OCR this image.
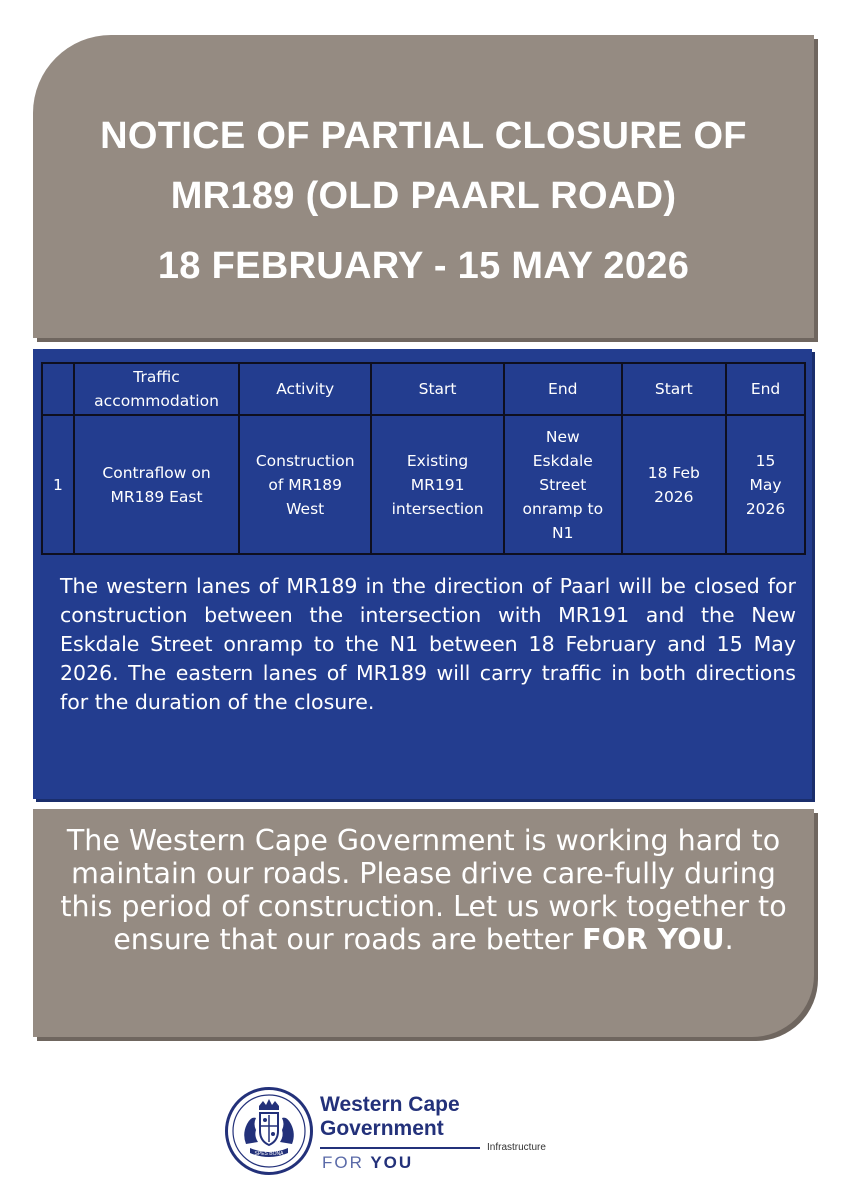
NOTICE OF PARTIAL CLOSURE OF
MR189 (OLD PAARL ROAD)
18 FEBRUARY - 15 MAY 2026
	Traffic accommodation	Activity	Start	End	Start	End
1	Contraflow on MR189 East	Construction of MR189 West	Existing MR191 intersection	New Eskdale Street onramp to N1	18 Feb 2026	15 May 2026
The western lanes of MR189 in the direction of Paarl will be closed for construction between the intersection with MR191 and the New Eskdale Street onramp to the N1 between 18 February and 15 May 2026. The eastern lanes of MR189 will carry traffic in both directions for the duration of the closure.
The Western Cape Government is working hard to maintain our roads. Please drive care-fully during this period of construction. Let us work together to ensure that our roads are better FOR YOU.
SPES BONA
Western Cape
Government
FOR YOU
Infrastructure
